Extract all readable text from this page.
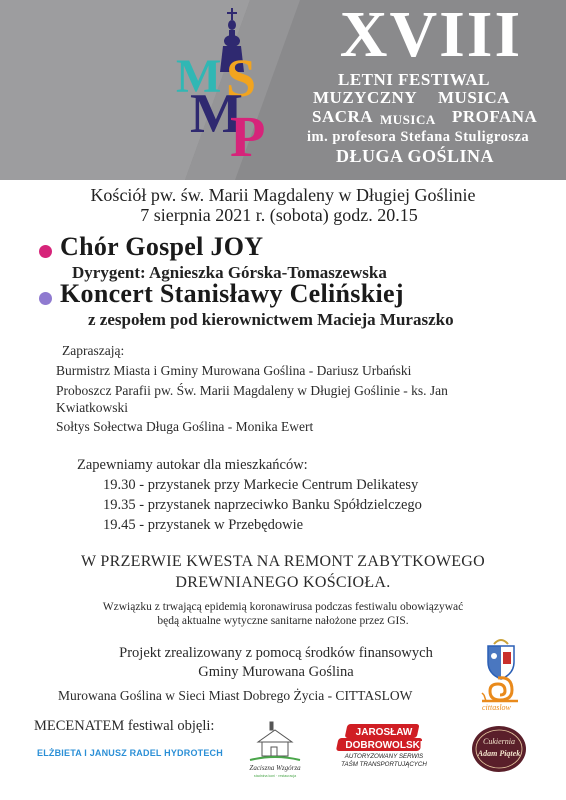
M S
M
P
XVIII
LETNI FESTIWAL
MUZYCZNY MUSICA
SACRA MUSICA PROFANA
im. profesora Stefana Stuligrosza
DŁUGA GOŚLINA
Kościół pw. św. Marii Magdaleny w Długiej Goślinie
7 sierpnia 2021 r. (sobota) godz. 20.15
Chór Gospel JOY
Dyrygent: Agnieszka Górska-Tomaszewska
Koncert Stanisławy Celińskiej
z zespołem pod kierownictwem Macieja Muraszko
Zapraszają:
Burmistrz Miasta i Gminy Murowana Goślina - Dariusz Urbański
Proboszcz Parafii pw. Św. Marii Magdaleny w Długiej Goślinie - ks. Jan
Kwiatkowski
Sołtys Sołectwa Długa Goślina - Monika Ewert
Zapewniamy autokar dla mieszkańców:
19.30 - przystanek przy Markecie Centrum Delikatesy
19.35 - przystanek naprzeciwko Banku Spółdzielczego
19.45 - przystanek w Przebędowie
W PRZERWIE KWESTA NA REMONT ZABYTKOWEGO
DREWNIANEGO KOŚCIOŁA.
Wzwiązku z trwającą epidemią koronawirusa podczas festiwalu obowiązywać
będą aktualne wytyczne sanitarne nałożone przez GIS.
Projekt zrealizowany z pomocą środków finansowych
Gminy Murowana Goślina
Murowana Goślina w Sieci Miast Dobrego Życia - CITTASLOW
cittaslow
MECENATEM festiwal objęli:
ELŻBIETA I JANUSZ RADEL HYDROTECH
Zaciszna Wzgórza
stadnina koni · restauracja
JAROSŁAW
DOBROWOLSKI
AUTORYZOWANY SERWIS
TAŚM TRANSPORTUJĄCYCH
Cukiernia
Adam Piątek
